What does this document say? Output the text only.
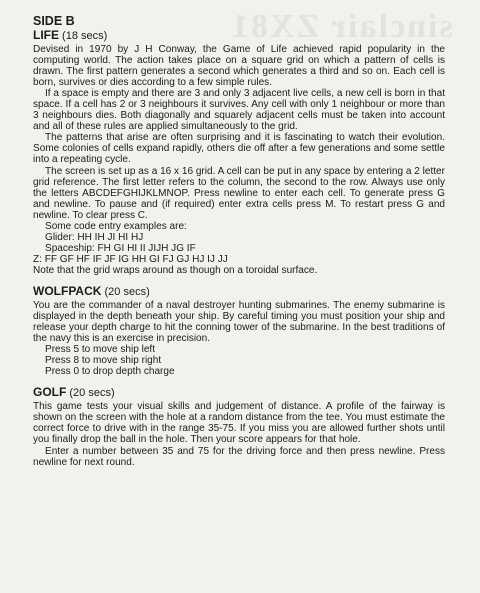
sinclair ZX81
SIDE B
LIFE (18 secs)

Devised in 1970 by J H Conway, the Game of Life achieved rapid popularity in the computing world. The action takes place on a square grid on which a pattern of cells is drawn. The first pattern generates a second which generates a third and so on. Each cell is born, survives or dies according to a few simple rules.

If a space is empty and there are 3 and only 3 adjacent live cells, a new cell is born in that space. If a cell has 2 or 3 neighbours it survives. Any cell with only 1 neighbour or more than 3 neighbours dies. Both diagonally and squarely adjacent cells must be taken into account and all of these rules are applied simultaneously to the grid.

The patterns that arise are often surprising and it is fascinating to watch their evolution. Some colonies of cells expand rapidly, others die off after a few generations and some settle into a repeating cycle.

The screen is set up as a 16 x 16 grid. A cell can be put in any space by entering a 2 letter grid reference. The first letter refers to the column, the second to the row. Always use only the letters ABCDEFGHIJKLMNOP. Press newline to enter each cell. To generate press G and newline. To pause and (if required) enter extra cells press M. To restart press G and newline. To clear press C.

Some code entry examples are:

Glider: HH IH JI HI HJ

Spaceship: FH GI HI II JIJH JG IF

Z: FF GF HF IF JF IG HH GI FJ GJ HJ IJ JJ

Note that the grid wraps around as though on a toroidal surface.

WOLFPACK (20 secs)

You are the commander of a naval destroyer hunting submarines. The enemy submarine is displayed in the depth beneath your ship. By careful timing you must position your ship and release your depth charge to hit the conning tower of the submarine. In the best traditions of the navy this is an exercise in precision.

Press 5 to move ship left

Press 8 to move ship right

Press 0 to drop depth charge

GOLF (20 secs)

This game tests your visual skills and judgement of distance. A profile of the fairway is shown on the screen with the hole at a random distance from the tee. You must estimate the correct force to drive with in the range 35-75. If you miss you are allowed further shots until you finally drop the ball in the hole. Then your score appears for that hole.

Enter a number between 35 and 75 for the driving force and then press newline. Press newline for next round.
